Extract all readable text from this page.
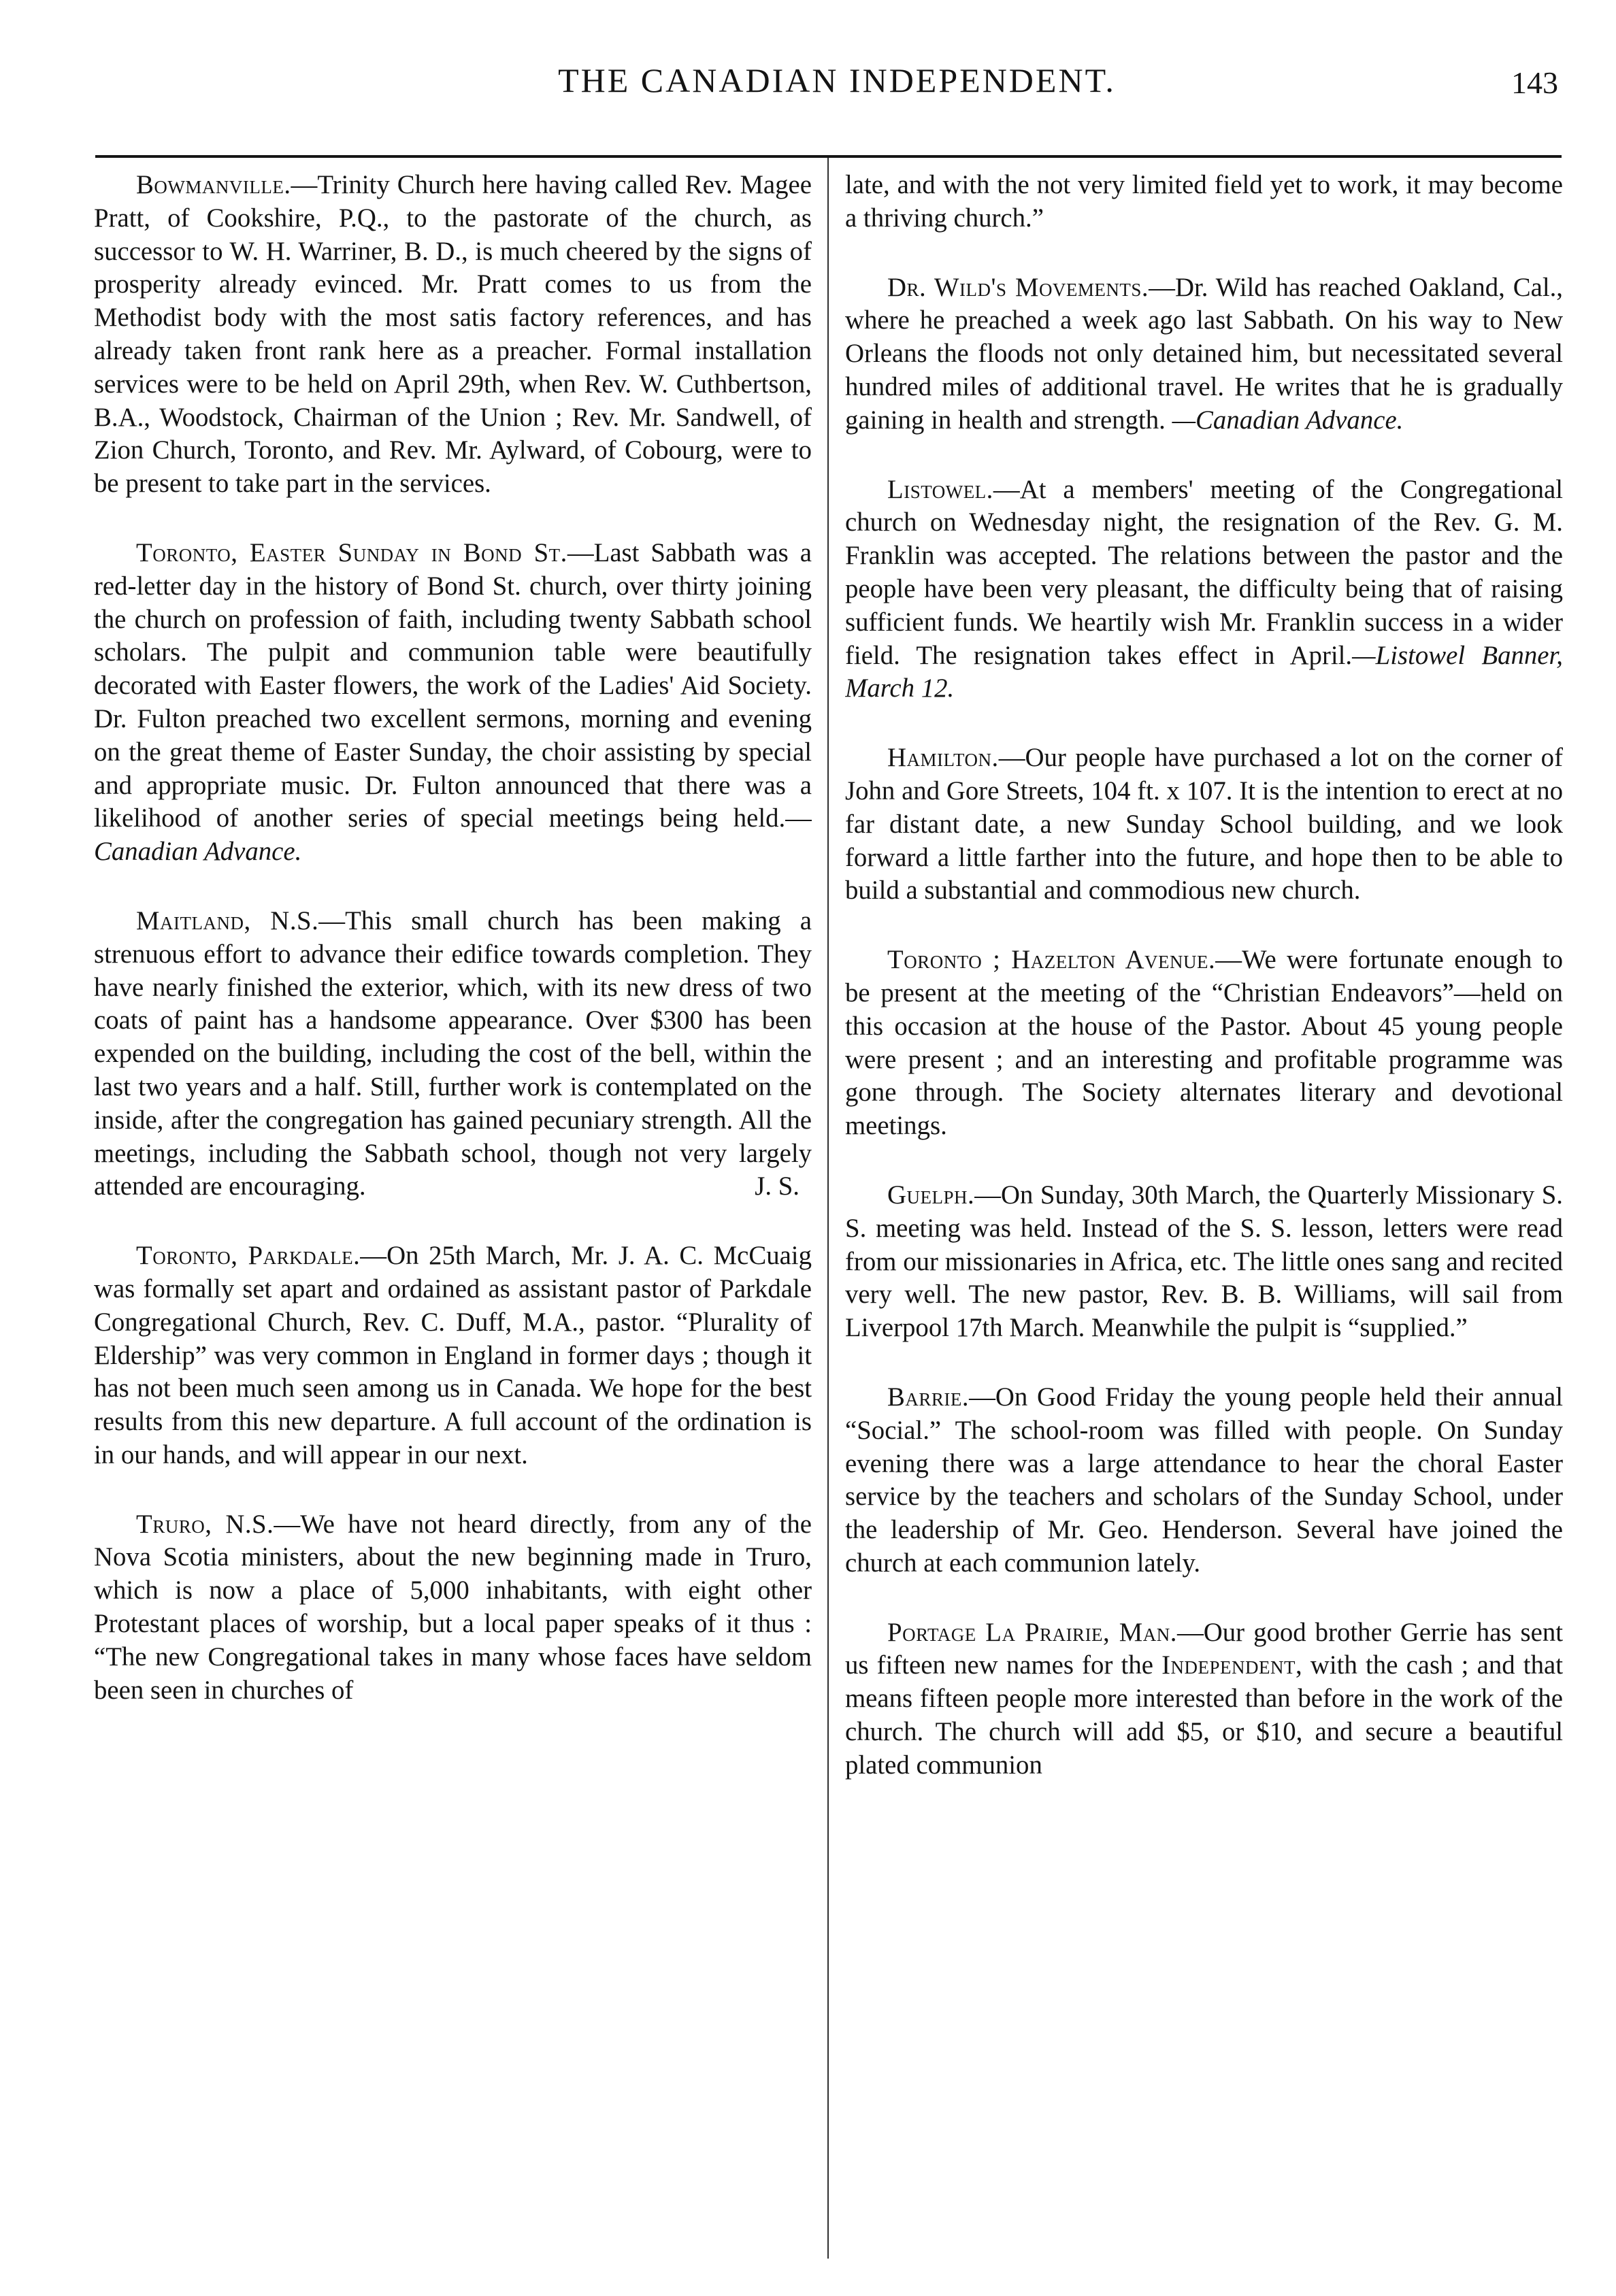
THE CANADIAN INDEPENDENT.	143

Bowmanville.—Trinity Church here having called Rev. Magee Pratt, of Cookshire, P.Q., to the pastorate of the church, as successor to W. H. Warriner, B. D., is much cheered by the signs of prosperity already evinced. Mr. Pratt comes to us from the Methodist body with the most satis factory references, and has already taken front rank here as a preacher. Formal installation services were to be held on April 29th, when Rev. W. Cuthbertson, B.A., Woodstock, Chairman of the Union ; Rev. Mr. Sandwell, of Zion Church, Toronto, and Rev. Mr. Aylward, of Cobourg, were to be present to take part in the services.

Toronto, Easter Sunday in Bond St.—Last Sabbath was a red-letter day in the history of Bond St. church, over thirty joining the church on profession of faith, including twenty Sabbath school scholars. The pulpit and communion table were beautifully decorated with Easter flowers, the work of the Ladies' Aid Society. Dr. Fulton preached two excellent sermons, morning and evening on the great theme of Easter Sunday, the choir assisting by special and appropriate music. Dr. Fulton announced that there was a likelihood of another series of special meetings being held.— Canadian Advance.

Maitland, N.S.—This small church has been making a strenuous effort to advance their edifice towards completion. They have nearly finished the exterior, which, with its new dress of two coats of paint has a handsome appearance. Over $300 has been expended on the building, including the cost of the bell, within the last two years and a half. Still, further work is contemplated on the inside, after the congregation has gained pecuniary strength. All the meetings, including the Sabbath school, though not very largely attended are encouraging.	J. S.

Toronto, Parkdale.—On 25th March, Mr. J. A. C. McCuaig was formally set apart and ordained as assistant pastor of Parkdale Congregational Church, Rev. C. Duff, M.A., pastor. “Plurality of Eldership” was very common in England in former days ; though it has not been much seen among us in Canada. We hope for the best results from this new departure. A full account of the ordination is in our hands, and will appear in our next.

Truro, N.S.—We have not heard directly, from any of the Nova Scotia ministers, about the new beginning made in Truro, which is now a place of 5,000 inhabitants, with eight other Protestant places of worship, but a local paper speaks of it thus : “The new Congregational takes in many whose faces have seldom been seen in churches of

late, and with the not very limited field yet to work, it may become a thriving church.”

Dr. Wild's Movements.—Dr. Wild has reached Oakland, Cal., where he preached a week ago last Sabbath. On his way to New Orleans the floods not only detained him, but necessitated several hundred miles of additional travel. He writes that he is gradually gaining in health and strength. —Canadian Advance.

Listowel.—At a members' meeting of the Congregational church on Wednesday night, the resignation of the Rev. G. M. Franklin was accepted. The relations between the pastor and the people have been very pleasant, the difficulty being that of raising sufficient funds. We heartily wish Mr. Franklin success in a wider field. The resignation takes effect in April.—Listowel Banner, March 12.

Hamilton.—Our people have purchased a lot on the corner of John and Gore Streets, 104 ft. x 107. It is the intention to erect at no far distant date, a new Sunday School building, and we look forward a little farther into the future, and hope then to be able to build a substantial and commodious new church.

Toronto ; Hazelton Avenue.—We were fortunate enough to be present at the meeting of the “Christian Endeavors”—held on this occasion at the house of the Pastor. About 45 young people were present ; and an interesting and profitable programme was gone through. The Society alternates literary and devotional meetings.

Guelph.—On Sunday, 30th March, the Quarterly Missionary S. S. meeting was held. Instead of the S. S. lesson, letters were read from our missionaries in Africa, etc. The little ones sang and recited very well. The new pastor, Rev. B. B. Williams, will sail from Liverpool 17th March. Meanwhile the pulpit is “supplied.”

Barrie.—On Good Friday the young people held their annual “Social.” The school-room was filled with people. On Sunday evening there was a large attendance to hear the choral Easter service by the teachers and scholars of the Sunday School, under the leadership of Mr. Geo. Henderson. Several have joined the church at each communion lately.

Portage La Prairie, Man.—Our good brother Gerrie has sent us fifteen new names for the Independent, with the cash ; and that means fifteen people more interested than before in the work of the church. The church will add $5, or $10, and secure a beautiful plated communion
